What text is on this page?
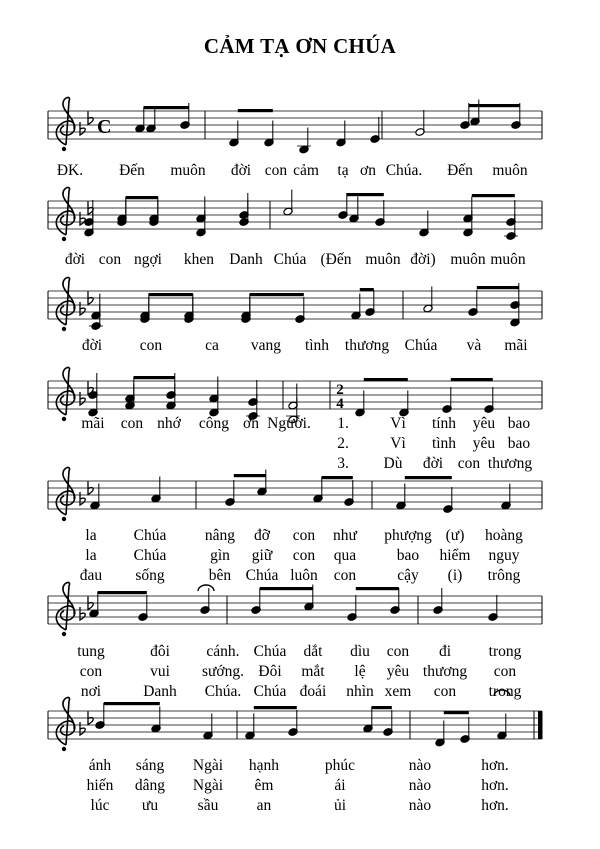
CẢM TẠ ƠN CHÚA
C
ĐK. Đến muôn đời con cảm tạ ơn Chúa. Đến muôn
đời con ngợi khen Danh Chúa (Đến muôn đời) muôn muôn
đời con	ca vang tình thương Chúa và mãi
2
4
mãi con nhớ công ơn Người. 1.	Vì tính yêu bao
2.	Vì tình yêu bao
3. Dù đời con thương
la Chúa nâng đỡ con như phượng (ư) hoàng
la Chúa	gìn giữ con qua	bao hiểm nguy
đau sống	bên Chúa luôn con	cậy (i) trông
tung	đôi cánh. Chúa dắt dìu con đi trong
con	vui sướng. Đôi mắt lệ yêu thương con
nơi	Danh Chúa. Chúa đoái nhìn xem con trong
ánh sáng Ngài hạnh	phúc	nào	hơn.
hiến dâng Ngài êm	ái	nào	hơn.
lúc ưu	sầu an	ủi	nào	hơn.
